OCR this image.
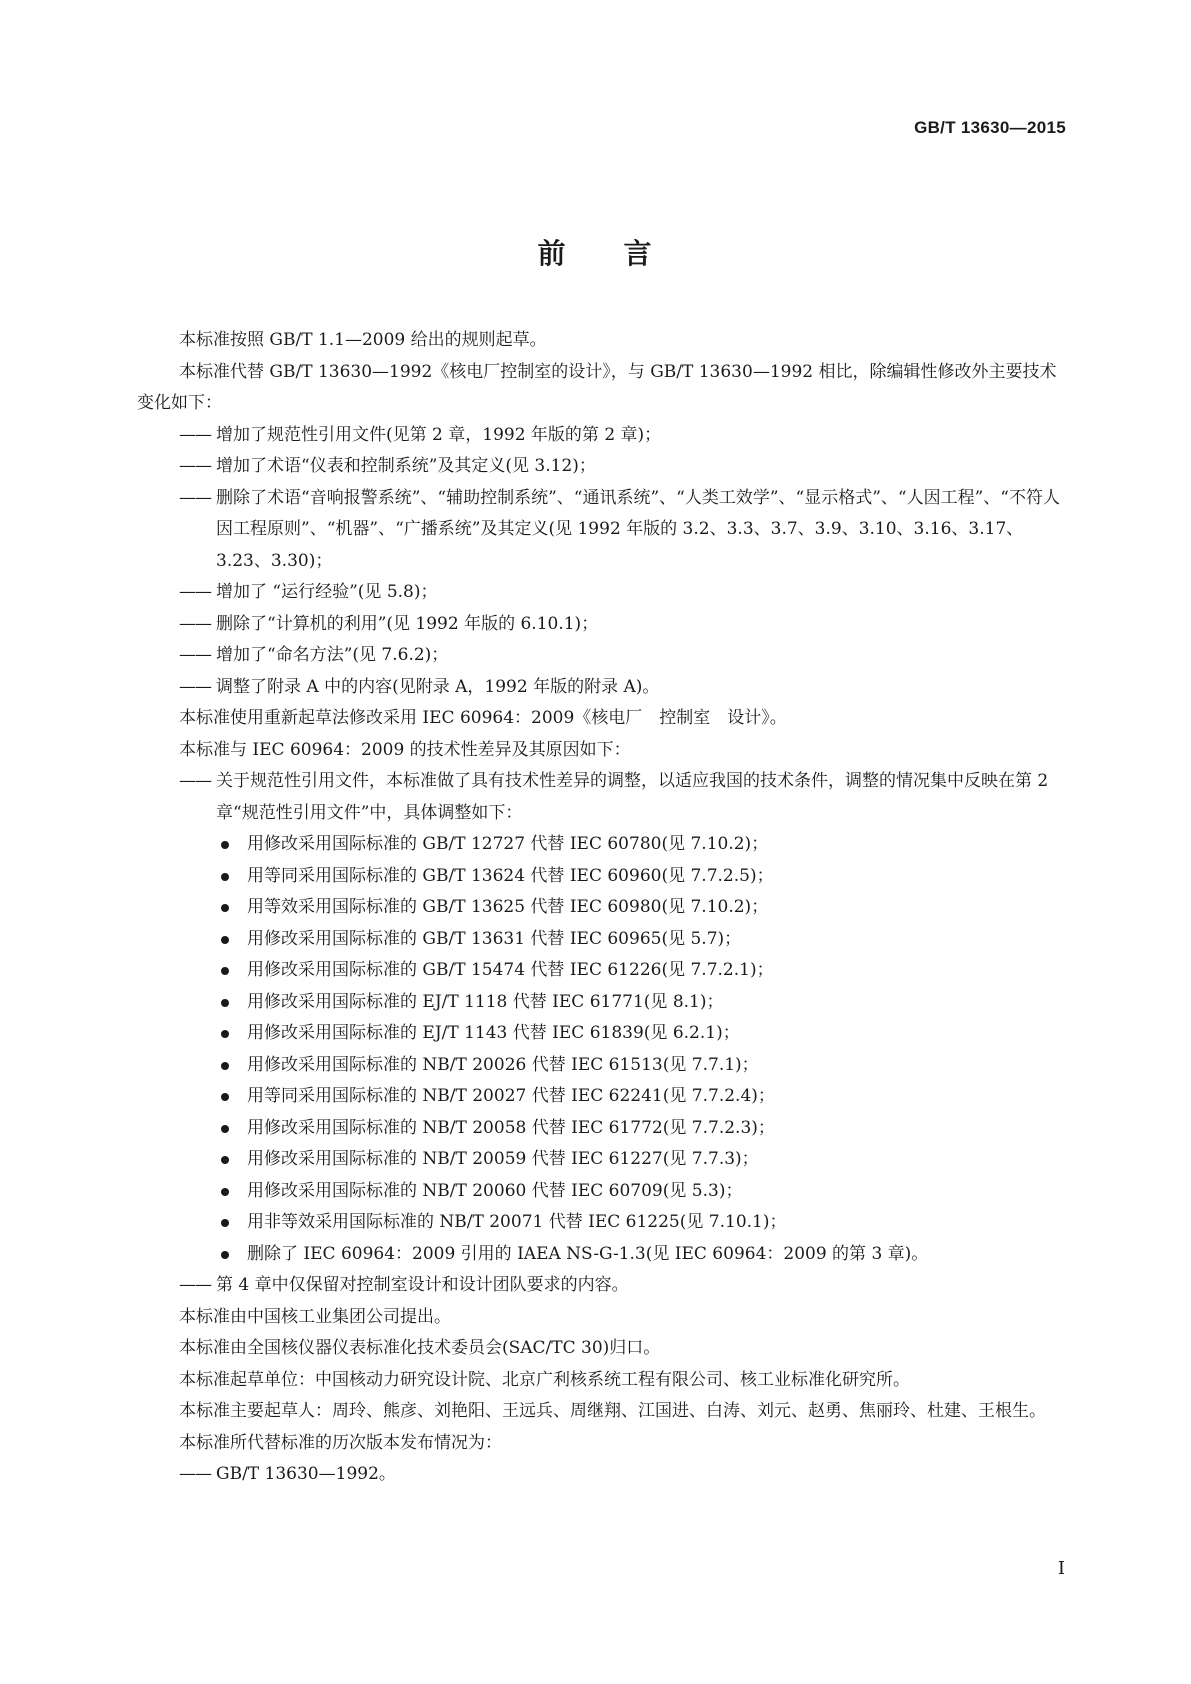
GB/T 13630—2015
前 言

本标准按照 GB/T 1.1—2009 给出的规则起草。

本标准代替 GB/T 13630—1992《核电厂控制室的设计》，与 GB/T 13630—1992 相比，除编辑性修改外主要技术变化如下：

—— 增加了规范性引用文件(见第 2 章，1992 年版的第 2 章)；

—— 增加了术语“仪表和控制系统”及其定义(见 3.12)；

—— 删除了术语“音响报警系统”、“辅助控制系统”、“通讯系统”、“人类工效学”、“显示格式”、“人因工程”、“不符人因工程原则”、“机器”、“广播系统”及其定义(见 1992 年版的 3.2、3.3、3.7、3.9、3.10、3.16、3.17、3.23、3.30)；

—— 增加了 “运行经验”(见 5.8)；

—— 删除了“计算机的利用”(见 1992 年版的 6.10.1)；

—— 增加了“命名方法”(见 7.6.2)；

—— 调整了附录 A 中的内容(见附录 A，1992 年版的附录 A)。

本标准使用重新起草法修改采用 IEC 60964：2009《核电厂　控制室　设计》。

本标准与 IEC 60964：2009 的技术性差异及其原因如下：

—— 关于规范性引用文件，本标准做了具有技术性差异的调整，以适应我国的技术条件，调整的情况集中反映在第 2 章“规范性引用文件”中，具体调整如下：

用修改采用国际标准的 GB/T 12727 代替 IEC 60780(见 7.10.2)；

用等同采用国际标准的 GB/T 13624 代替 IEC 60960(见 7.7.2.5)；

用等效采用国际标准的 GB/T 13625 代替 IEC 60980(见 7.10.2)；

用修改采用国际标准的 GB/T 13631 代替 IEC 60965(见 5.7)；

用修改采用国际标准的 GB/T 15474 代替 IEC 61226(见 7.7.2.1)；

用修改采用国际标准的 EJ/T 1118 代替 IEC 61771(见 8.1)；

用修改采用国际标准的 EJ/T 1143 代替 IEC 61839(见 6.2.1)；

用修改采用国际标准的 NB/T 20026 代替 IEC 61513(见 7.7.1)；

用等同采用国际标准的 NB/T 20027 代替 IEC 62241(见 7.7.2.4)；

用修改采用国际标准的 NB/T 20058 代替 IEC 61772(见 7.7.2.3)；

用修改采用国际标准的 NB/T 20059 代替 IEC 61227(见 7.7.3)；

用修改采用国际标准的 NB/T 20060 代替 IEC 60709(见 5.3)；

用非等效采用国际标准的 NB/T 20071 代替 IEC 61225(见 7.10.1)；

删除了 IEC 60964：2009 引用的 IAEA NS-G-1.3(见 IEC 60964：2009 的第 3 章)。

—— 第 4 章中仅保留对控制室设计和设计团队要求的内容。

本标准由中国核工业集团公司提出。

本标准由全国核仪器仪表标准化技术委员会(SAC/TC 30)归口。

本标准起草单位：中国核动力研究设计院、北京广利核系统工程有限公司、核工业标准化研究所。

本标准主要起草人：周玲、熊彦、刘艳阳、王远兵、周继翔、江国进、白涛、刘元、赵勇、焦丽玲、杜建、王根生。

本标准所代替标准的历次版本发布情况为：

—— GB/T 13630—1992。

I
